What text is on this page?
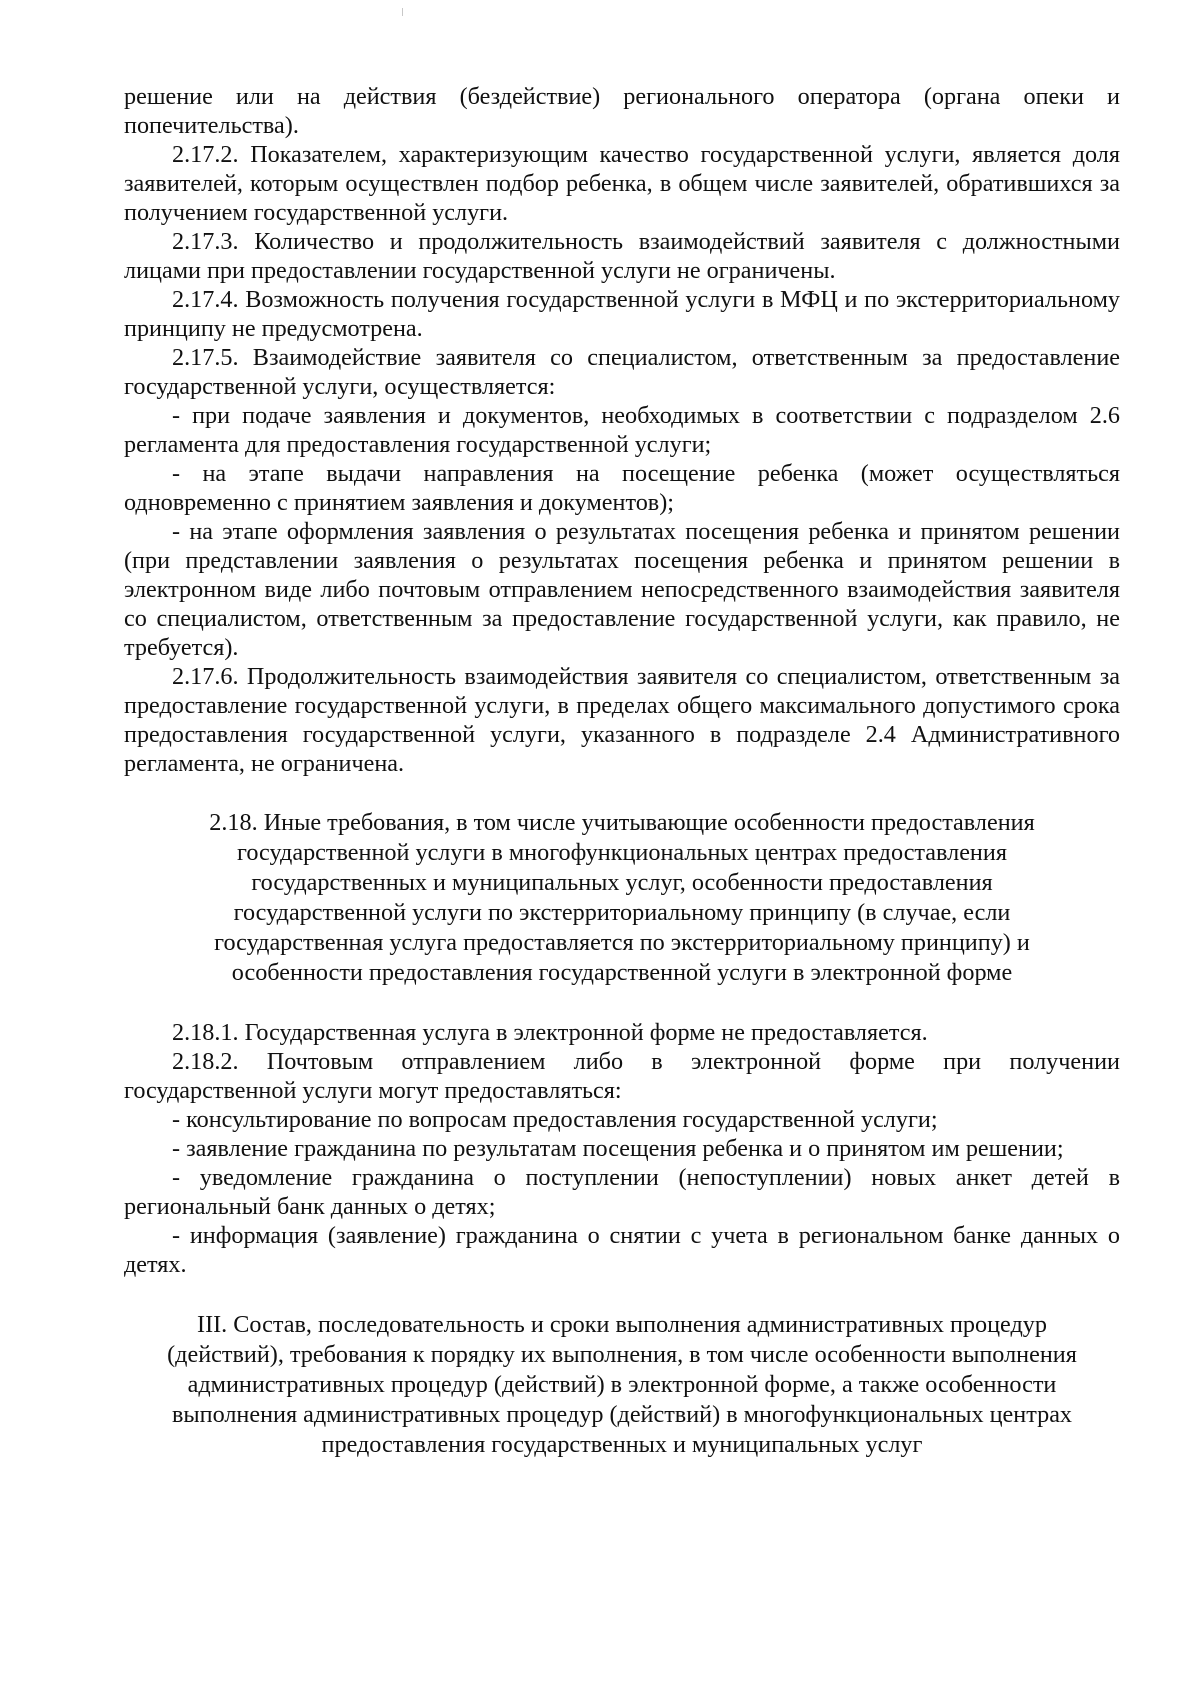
решение или на действия (бездействие) регионального оператора (органа опеки и попечительства).

2.17.2. Показателем, характеризующим качество государственной услуги, является доля заявителей, которым осуществлен подбор ребенка, в общем числе заявителей, обратившихся за получением государственной услуги.

2.17.3. Количество и продолжительность взаимодействий заявителя с должностными лицами при предоставлении государственной услуги не ограничены.

2.17.4. Возможность получения государственной услуги в МФЦ и по экстерриториальному принципу не предусмотрена.

2.17.5. Взаимодействие заявителя со специалистом, ответственным за предоставление государственной услуги, осуществляется:

- при подаче заявления и документов, необходимых в соответствии с подразделом 2.6 регламента для предоставления государственной услуги;

- на этапе выдачи направления на посещение ребенка (может осуществляться одновременно с принятием заявления и документов);

- на этапе оформления заявления о результатах посещения ребенка и принятом решении (при представлении заявления о результатах посещения ребенка и принятом решении в электронном виде либо почтовым отправлением непосредственного взаимодействия заявителя со специалистом, ответственным за предоставление государственной услуги, как правило, не требуется).

2.17.6. Продолжительность взаимодействия заявителя со специалистом, ответственным за предоставление государственной услуги, в пределах общего максимального допустимого срока предоставления государственной услуги, указанного в подразделе 2.4 Административного регламента, не ограничена.

2.18. Иные требования, в том числе учитывающие особенности предоставления

государственной услуги в многофункциональных центрах предоставления

государственных и муниципальных услуг, особенности предоставления

государственной услуги по экстерриториальному принципу (в случае, если

государственная услуга предоставляется по экстерриториальному принципу) и

особенности предоставления государственной услуги в электронной форме

2.18.1. Государственная услуга в электронной форме не предоставляется.

2.18.2. Почтовым отправлением либо в электронной форме при получении государственной услуги могут предоставляться:

- консультирование по вопросам предоставления государственной услуги;

- заявление гражданина по результатам посещения ребенка и о принятом им решении;

- уведомление гражданина о поступлении (непоступлении) новых анкет детей в региональный банк данных о детях;

- информация (заявление) гражданина о снятии с учета в региональном банке данных о детях.

III. Состав, последовательность и сроки выполнения административных процедур

(действий), требования к порядку их выполнения, в том числе особенности выполнения

административных процедур (действий) в электронной форме, а также особенности

выполнения административных процедур (действий) в многофункциональных центрах

предоставления государственных и муниципальных услуг
